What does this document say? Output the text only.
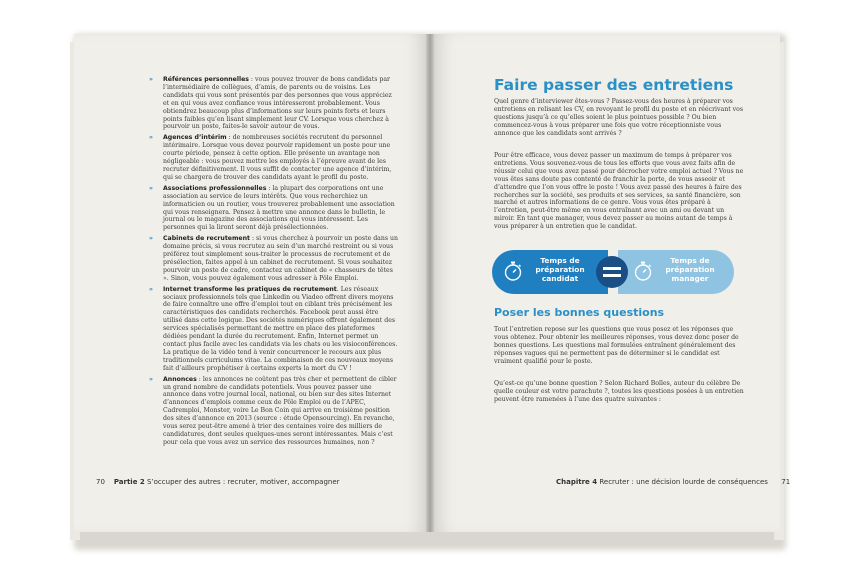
» Références personnelles : vous pouvez trouver de bons candidats par l’intermédiaire de collègues, d’amis, de parents ou de voisins. Les candidats qui vous sont présentés par des personnes que vous appréciez et en qui vous avez confiance vous intéresseront probablement. Vous obtiendrez beaucoup plus d’informations sur leurs points forts et leurs points faibles qu’en lisant simplement leur CV. Lorsque vous cherchez à pourvoir un poste, faites-le savoir autour de vous.
» Agences d’intérim : de nombreuses sociétés recrutent du personnel intérimaire. Lorsque vous devez pourvoir rapidement un poste pour une courte période, pensez à cette option. Elle présente un avantage non négligeable : vous pouvez mettre les employés à l’épreuve avant de les recruter définitivement. Il vous suffit de contacter une agence d’intérim, qui se chargera de trouver des candidats ayant le profil du poste.
» Associations professionnelles : la plupart des corporations ont une association au service de leurs intérêts. Que vous recherchiez un informaticien ou un routier, vous trouverez probablement une association qui vous renseignera. Pensez à mettre une annonce dans le bulletin, le journal ou le magazine des associations qui vous intéressent. Les personnes qui la liront seront déjà présélectionnées.
» Cabinets de recrutement : si vous cherchez à pourvoir un poste dans un domaine précis, si vous recrutez au sein d’un marché restreint ou si vous préférez tout simplement sous-traiter le processus de recrutement et de présélection, faites appel à un cabinet de recrutement. Si vous souhaitez pourvoir un poste de cadre, contactez un cabinet de « chasseurs de têtes ». Sinon, vous pouvez également vous adresser à Pôle Emploi.
» Internet transforme les pratiques de recrutement. Les réseaux sociaux professionnels tels que Linkedin ou Viadeo offrent divers moyens de faire connaître une offre d’emploi tout en ciblant très précisément les caractéristiques des candidats recherchés. Facebook peut aussi être utilisé dans cette logique. Des sociétés numériques offrent également des services spécialisés permettant de mettre en place des plateformes dédiées pendant la durée du recrutement. Enfin, Internet permet un contact plus facile avec les candidats via les chats ou les visioconférences. La pratique de la vidéo tend à venir concurrencer le recours aux plus traditionnels curriculums vitae. La combinaison de ces nouveaux moyens fait d’ailleurs prophétiser à certains experts la mort du CV !
» Annonces : les annonces ne coûtent pas très cher et permettent de cibler un grand nombre de candidats potentiels. Vous pouvez passer une annonce dans votre journal local, national, ou bien sur des sites Internet d’annonces d’emplois comme ceux de Pôle Emploi ou de l’APEC, Cadremploi, Monster, voire Le Bon Coin qui arrive en troisième position des sites d’annonce en 2013 (source : étude Opensourcing). En revanche, vous serez peut-être amené à trier des centaines voire des milliers de candidatures, dont seules quelques-unes seront intéressantes. Mais c’est pour cela que vous avez un service des ressources humaines, non ?
70 Partie 2 S’occuper des autres : recruter, motiver, accompagner
Faire passer des entretiens

Quel genre d’interviewer êtes-vous ? Passez-vous des heures à préparer vos entretiens en relisant les CV, en revoyant le profil du poste et en réécrivant vos questions jusqu’à ce qu’elles soient le plus pointues possible ? Ou bien commencez-vous à vous préparer une fois que votre réceptionniste vous annonce que les candidats sont arrivés ?

Pour être efficace, vous devez passer un maximum de temps à préparer vos entretiens. Vous souvenez-vous de tous les efforts que vous avez faits afin de réussir celui que vous avez passé pour décrocher votre emploi actuel ? Vous ne vous êtes sans doute pas contenté de franchir la porte, de vous asseoir et d’attendre que l’on vous offre le poste ! Vous avez passé des heures à faire des recherches sur la société, ses produits et ses services, sa santé financière, son marché et autres informations de ce genre. Vous vous êtes préparé à l’entretien, peut-être même en vous entraînant avec un ami ou devant un miroir. En tant que manager, vous devez passer au moins autant de temps à vous préparer à un entretien que le candidat.

Temps de préparation candidat
Temps de préparation manager
Poser les bonnes questions

Tout l’entretien repose sur les questions que vous posez et les réponses que vous obtenez. Pour obtenir les meilleures réponses, vous devez donc poser de bonnes questions. Les questions mal formulées entraînent généralement des réponses vagues qui ne permettent pas de déterminer si le candidat est vraiment qualifié pour le poste.

Qu’est-ce qu’une bonne question ? Selon Richard Bolles, auteur du célèbre De quelle couleur est votre parachute ?, toutes les questions posées à un entretien peuvent être ramenées à l’une des quatre suivantes :

Chapitre 4 Recruter : une décision lourde de conséquences 71
